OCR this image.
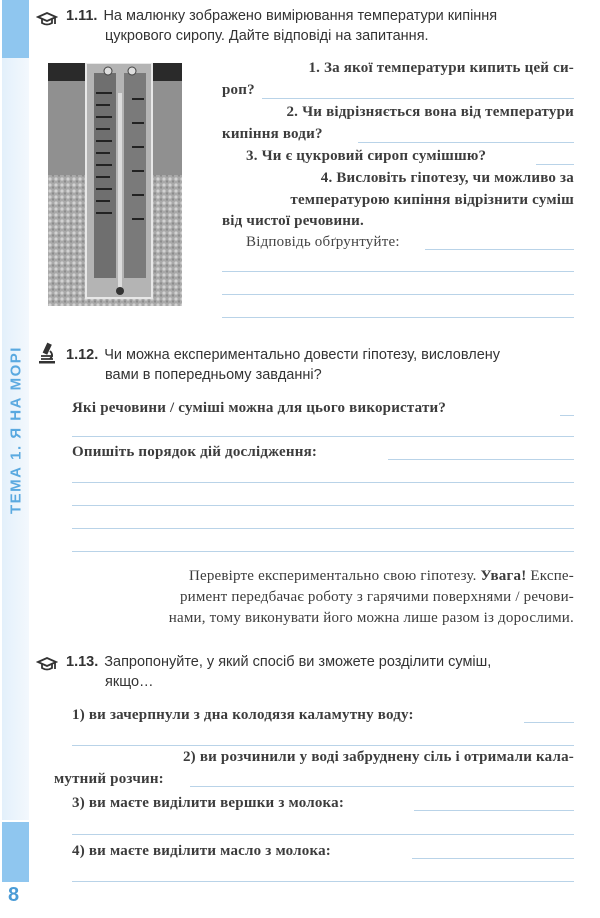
ТЕМА 1. Я НА МОРІ
8
1.11. На малюнку зображено вимірювання температури кипіння
цукрового сиропу. Дайте відповіді на запитання.
1. За якої температури кипить цей си-
роп?
2. Чи відрізняється вона від температури
кипіння води?
3. Чи є цукровий сироп сумішшю?
4. Висловіть гіпотезу, чи можливо за
температурою кипіння відрізнити суміш
від чистої речовини.
Відповідь обґрунтуйте:
1.12. Чи можна експериментально довести гіпотезу, висловлену
вами в попередньому завданні?
Які речовини / суміші можна для цього використати?
Опишіть порядок дій дослідження:
Перевірте експериментально свою гіпотезу. Увага! Експе-
римент передбачає роботу з гарячими поверхнями / речови-
нами, тому виконувати його можна лише разом із дорослими.
1.13. Запропонуйте, у який спосіб ви зможете розділити суміш,
якщо…
1) ви зачерпнули з дна колодязя каламутну воду:
2) ви розчинили у воді забруднену сіль і отримали кала-
мутний розчин:
3) ви маєте виділити вершки з молока:
4) ви маєте виділити масло з молока:
